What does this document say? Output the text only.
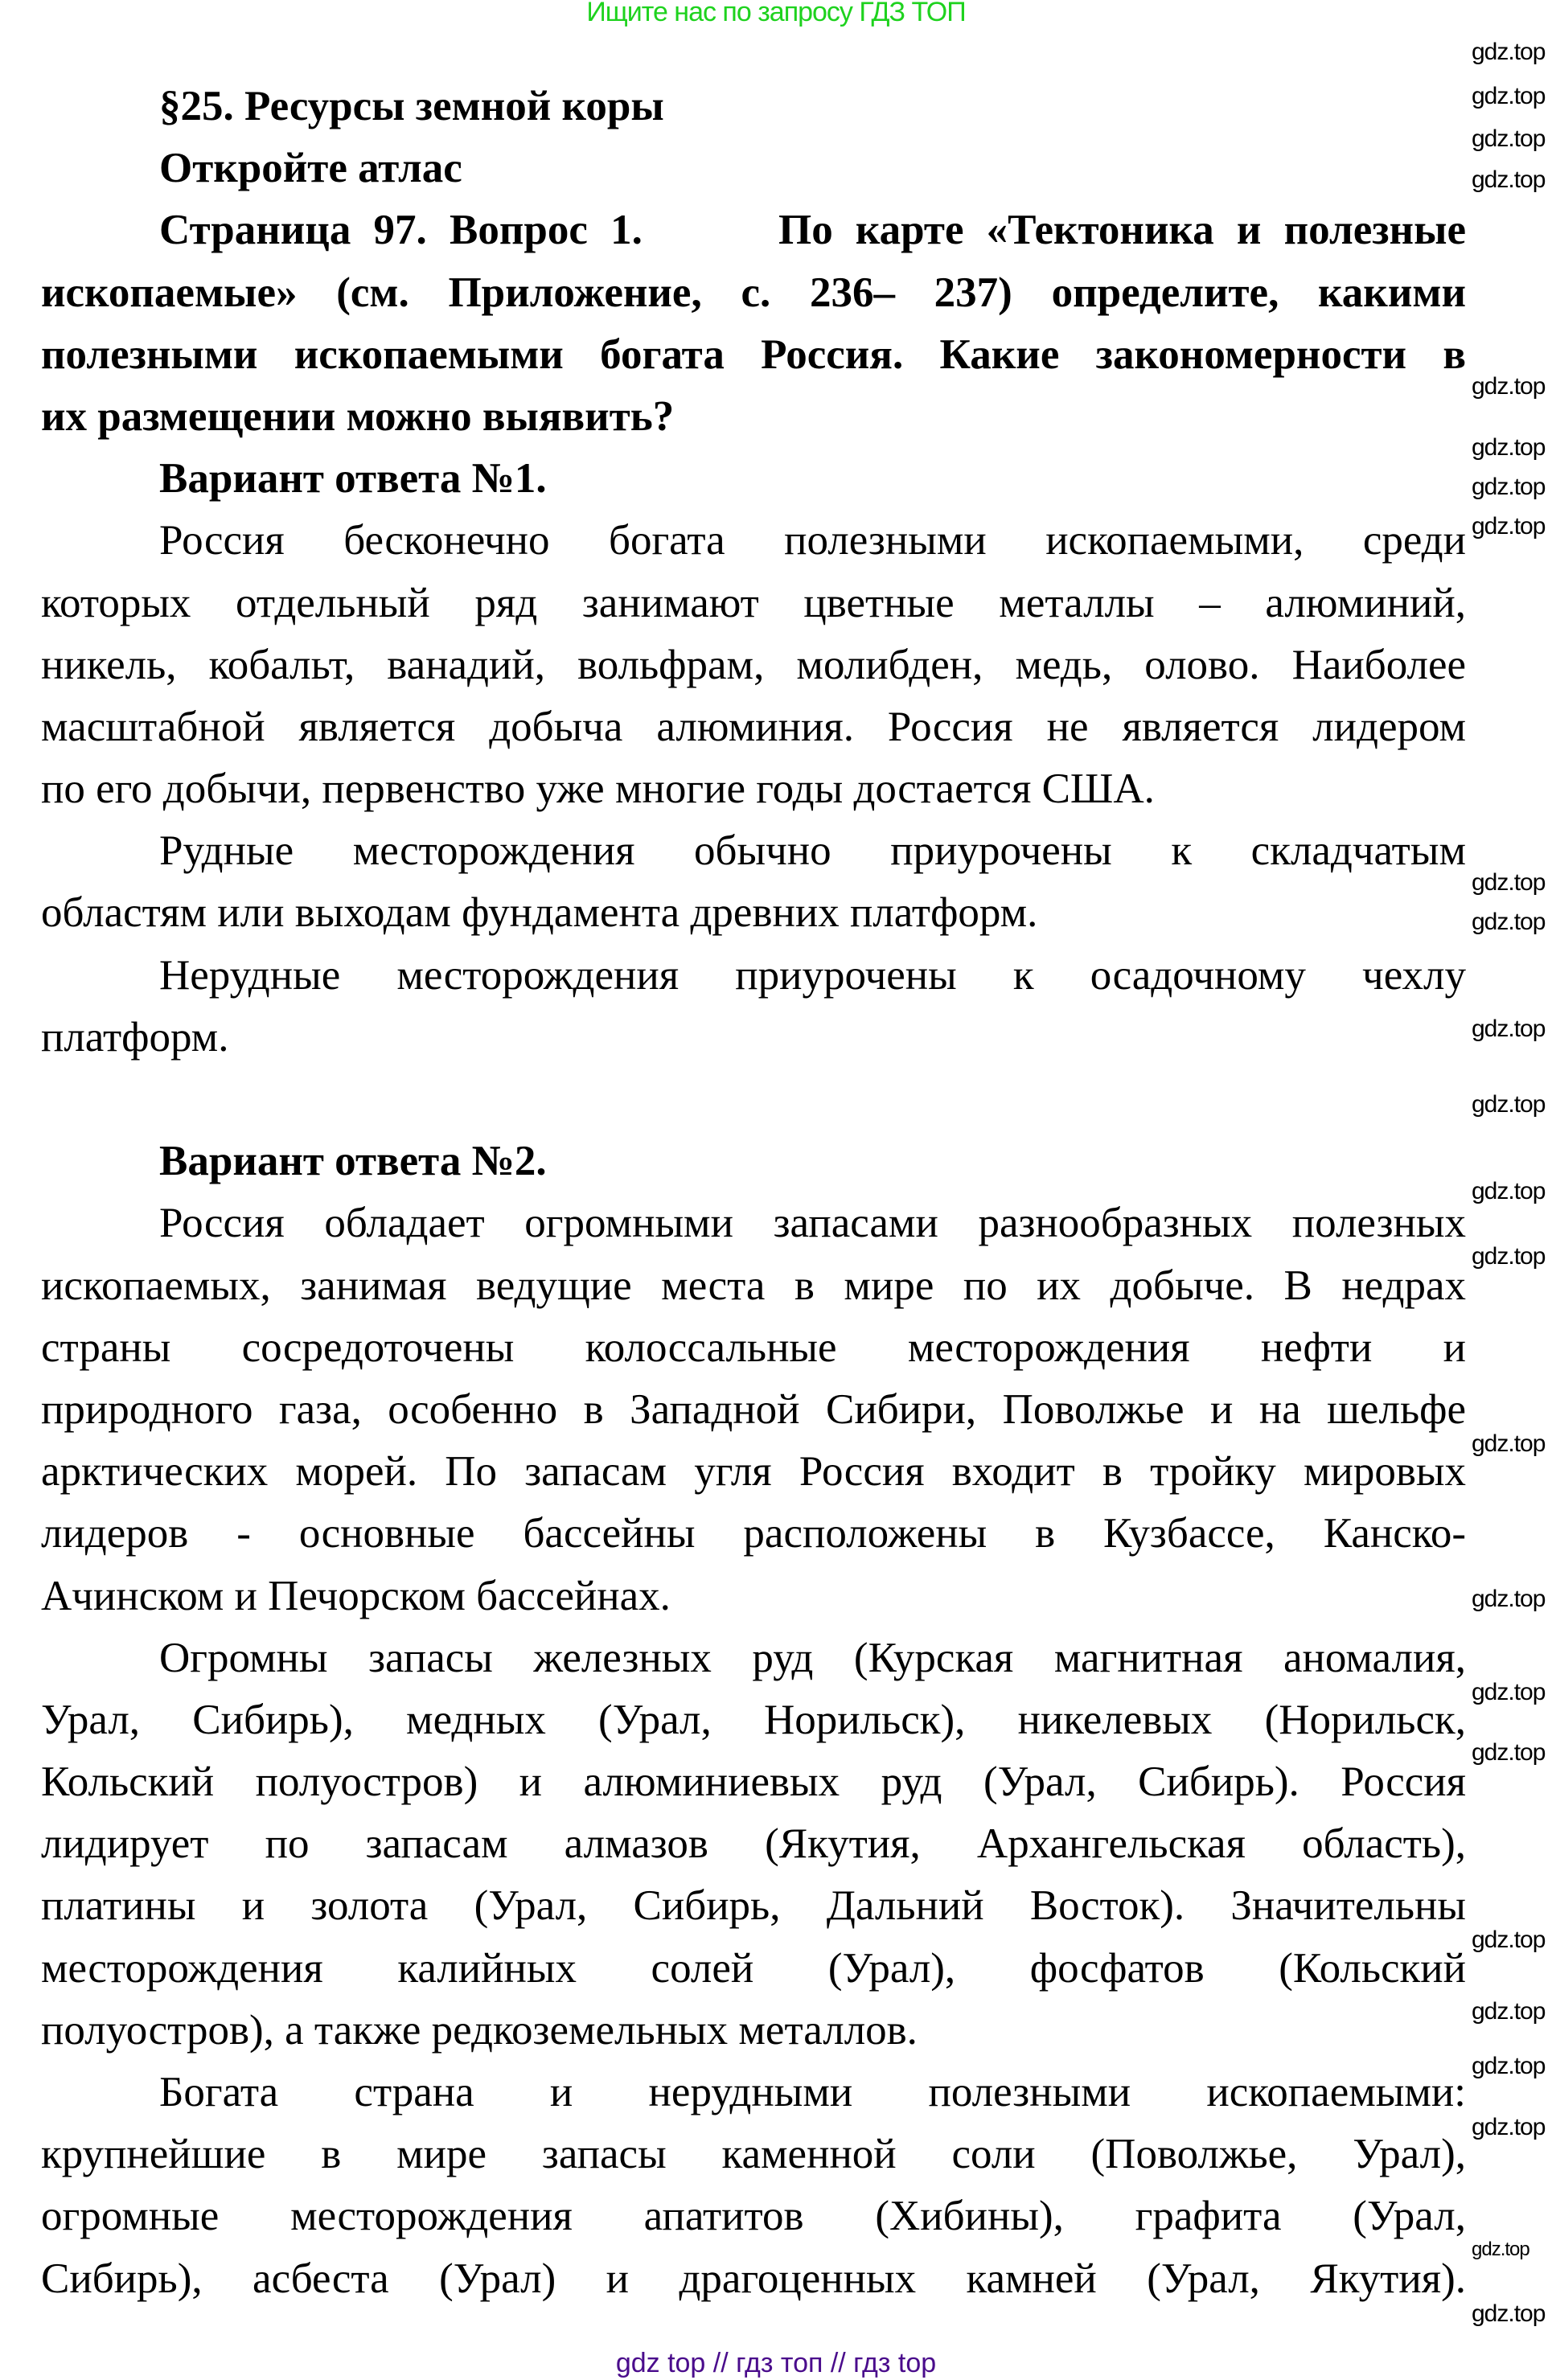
Ищите нас по запросу ГДЗ ТОП
§25. Ресурсы земной коры
Откройте атлас
Страница 97. Вопрос 1.      По карте «Тектоника и полезные
ископаемые» (см. Приложение, с. 236– 237) определите, какими
полезными ископаемыми богата Россия. Какие закономерности в
их размещении можно выявить?
Вариант ответа №1.
Россия бесконечно богата полезными ископаемыми, среди
которых отдельный ряд занимают цветные металлы – алюминий,
никель, кобальт, ванадий, вольфрам, молибден, медь, олово. Наиболее
масштабной является добыча алюминия. Россия не является лидером
по его добычи, первенство уже многие годы достается США.
Рудные месторождения обычно приурочены к складчатым
областям или выходам фундамента древних платформ.
Нерудные месторождения приурочены к осадочному чехлу
платформ.
Вариант ответа №2.
Россия обладает огромными запасами разнообразных полезных
ископаемых, занимая ведущие места в мире по их добыче. В недрах
страны сосредоточены колоссальные месторождения нефти и
природного газа, особенно в Западной Сибири, Поволжье и на шельфе
арктических морей. По запасам угля Россия входит в тройку мировых
лидеров - основные бассейны расположены в Кузбассе, Канско-
Ачинском и Печорском бассейнах.
Огромны запасы железных руд (Курская магнитная аномалия,
Урал, Сибирь), медных (Урал, Норильск), никелевых (Норильск,
Кольский полуостров) и алюминиевых руд (Урал, Сибирь). Россия
лидирует по запасам алмазов (Якутия, Архангельская область),
платины и золота (Урал, Сибирь, Дальний Восток). Значительны
месторождения калийных солей (Урал), фосфатов (Кольский
полуостров), а также редкоземельных металлов.
Богата страна и нерудными полезными ископаемыми:
крупнейшие в мире запасы каменной соли (Поволжье, Урал),
огромные месторождения апатитов (Хибины), графита (Урал,
Сибирь), асбеста (Урал) и драгоценных камней (Урал, Якутия).
gdz.top
gdz.top
gdz.top
gdz.top
gdz.top
gdz.top
gdz.top
gdz.top
gdz.top
gdz.top
gdz.top
gdz.top
gdz.top
gdz.top
gdz.top
gdz.top
gdz.top
gdz.top
gdz.top
gdz.top
gdz.top
gdz.top
gdz.top
gdz.top
gdz top // гдз топ // гдз top
